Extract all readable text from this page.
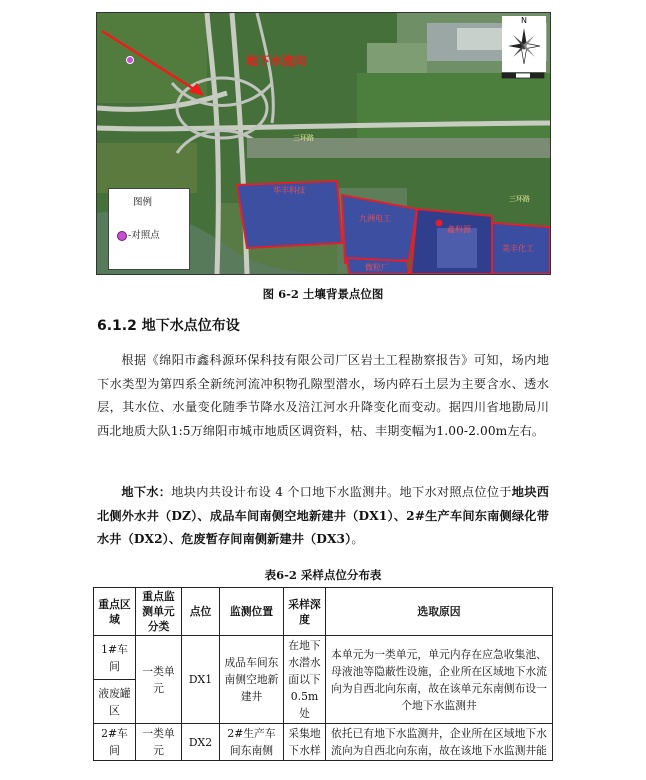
N
地下水流向
三环路
三环路
华丰科技
九洲电工
鑫科源
美丰化工
微粒厂
图例
-对照点
图 6-2 土壤背景点位图
6.1.2 地下水点位布设

根据《绵阳市鑫科源环保科技有限公司厂区岩土工程勘察报告》可知，场内地下水类型为第四系全新统河流冲积物孔隙型潜水，场内碎石土层为主要含水、透水层，其水位、水量变化随季节降水及涪江河水升降变化而变动。据四川省地勘局川西北地质大队1:5万绵阳市城市地质区调资料，枯、丰期变幅为1.00-2.00m左右。

地下水：地块内共设计布设 4 个口地下水监测井。地下水对照点位位于地块西北侧外水井（DZ）、成品车间南侧空地新建井（DX1）、2#生产车间东南侧绿化带水井（DX2）、危废暂存间南侧新建井（DX3）。

表6-2 采样点位分布表
重点区域	重点监测单元分类	点位	监测位置	采样深度	选取原因
1#车间	一类单元	DX1	成品车间东南侧空地新建井	在地下水潜水面以下0.5m处	本单元为一类单元，单元内存在应急收集池、母液池等隐蔽性设施，企业所在区域地下水流向为自西北向东南，故在该单元东南侧布设一个地下水监测井
液废罐区					
2#车间	一类单元	DX2	2#生产车间东南侧	采集地下水样	依托已有地下水监测井，企业所在区域地下水流向为自西北向东南，故在该地下水监测井能
